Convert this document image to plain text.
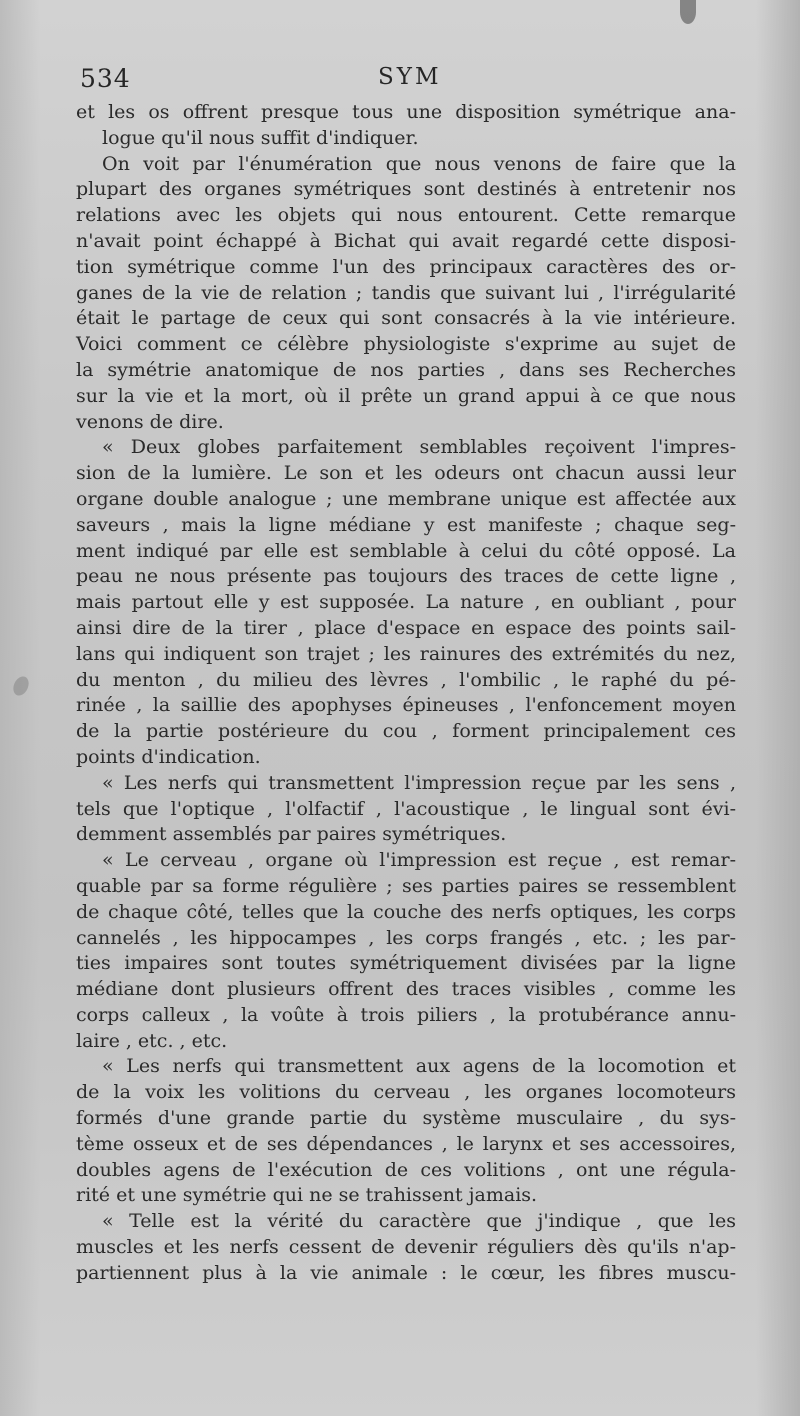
534	SYM
et les os offrent presque tous une disposition symétrique ana-
logue qu'il nous suffit d'indiquer.
On voit par l'énumération que nous venons de faire que la
plupart des organes symétriques sont destinés à entretenir nos
relations avec les objets qui nous entourent. Cette remarque
n'avait point échappé à Bichat qui avait regardé cette disposi-
tion symétrique comme l'un des principaux caractères des or-
ganes de la vie de relation ; tandis que suivant lui , l'irrégularité
était le partage de ceux qui sont consacrés à la vie intérieure.
Voici comment ce célèbre physiologiste s'exprime au sujet de
la symétrie anatomique de nos parties , dans ses Recherches
sur la vie et la mort, où il prête un grand appui à ce que nous
venons de dire.
« Deux globes parfaitement semblables reçoivent l'impres-
sion de la lumière. Le son et les odeurs ont chacun aussi leur
organe double analogue ; une membrane unique est affectée aux
saveurs , mais la ligne médiane y est manifeste ; chaque seg-
ment indiqué par elle est semblable à celui du côté opposé. La
peau ne nous présente pas toujours des traces de cette ligne ,
mais partout elle y est supposée. La nature , en oubliant , pour
ainsi dire de la tirer , place d'espace en espace des points sail-
lans qui indiquent son trajet ; les rainures des extrémités du nez,
du menton , du milieu des lèvres , l'ombilic , le raphé du pé-
rinée , la saillie des apophyses épineuses , l'enfoncement moyen
de la partie postérieure du cou , forment principalement ces
points d'indication.
« Les nerfs qui transmettent l'impression reçue par les sens ,
tels que l'optique , l'olfactif , l'acoustique , le lingual sont évi-
demment assemblés par paires symétriques.
« Le cerveau , organe où l'impression est reçue , est remar-
quable par sa forme régulière ; ses parties paires se ressemblent
de chaque côté, telles que la couche des nerfs optiques, les corps
cannelés , les hippocampes , les corps frangés , etc. ; les par-
ties impaires sont toutes symétriquement divisées par la ligne
médiane dont plusieurs offrent des traces visibles , comme les
corps calleux , la voûte à trois piliers , la protubérance annu-
laire , etc. , etc.
« Les nerfs qui transmettent aux agens de la locomotion et
de la voix les volitions du cerveau , les organes locomoteurs
formés d'une grande partie du système musculaire , du sys-
tème osseux et de ses dépendances , le larynx et ses accessoires,
doubles agens de l'exécution de ces volitions , ont une régula-
rité et une symétrie qui ne se trahissent jamais.
« Telle est la vérité du caractère que j'indique , que les
muscles et les nerfs cessent de devenir réguliers dès qu'ils n'ap-
partiennent plus à la vie animale : le cœur, les fibres muscu-
